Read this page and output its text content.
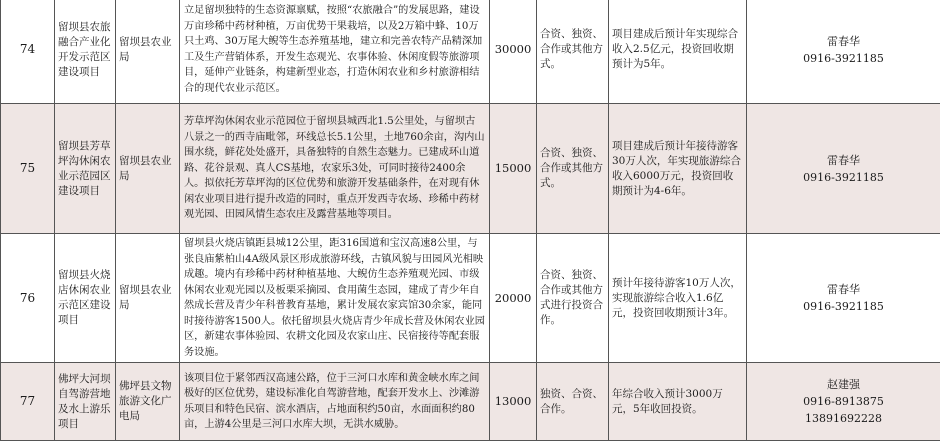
74	留坝县农旅融合产业化开发示范区建设项目	留坝县农业局	立足留坝独特的生态资源禀赋，按照“农旅融合”的发展思路，建设万亩珍稀中药材种植，万亩优势干果栽培，以及2万箱中蜂、10万只土鸡、30万尾大鲵等生态养殖基地，建立和完善农特产品精深加工及生产营销体系，开发生态观光、农事体验、休闲度假等旅游项目，延伸产业链条，构建新型业态，打造休闲农业和乡村旅游相结合的现代农业示范区。	30000	合资、独资、合作或其他方式。	项目建成后预计年实现综合收入2.5亿元，投资回收期预计为5年。	雷春华
0916-3921185

75	留坝县芳草坪沟休闲农业示范园区建设项目	留坝县农业局	芳草坪沟休闲农业示范园位于留坝县城西北1.5公里处，与留坝古八景之一的西寺庙毗邻，环线总长5.1公里，土地760余亩，沟内山围水绕，鲜花处处盛开，具备独特的自然生态魅力。已建成环山道路、花谷景观、真人CS基地，农家乐3处，可同时接待2400余人。拟依托芳草坪沟的区位优势和旅游开发基础条件，在对现有休闲农业项目进行提升改造的同时，重点开发西寺农场、珍稀中药材观光园、田园风情生态农庄及露营基地等项目。	15000	合资、独资、合作或其他方式。	项目建成后预计年接待游客30万人次，年实现旅游综合收入6000万元，投资回收期预计为4-6年。	雷春华
0916-3921185

76	留坝县火烧店休闲农业示范区建设项目	留坝县农业局	留坝县火烧店镇距县城12公里，距316国道和宝汉高速8公里，与张良庙紫柏山4A级风景区形成旅游环线，古镇风貌与田园风光相映成趣。境内有珍稀中药材种植基地、大鲵仿生态养殖观光园、市级休闲农业观光园以及板栗采摘园、食用菌生态园，建成了青少年自然成长营及青少年科普教育基地，累计发展农家宾馆30余家，能同时接待游客1500人。依托留坝县火烧店青少年成长营及休闲农业园区，新建农事体验园、农耕文化园及农家山庄、民宿接待等配套服务设施。	20000	合资、独资、合作或其他方式进行投资合作。	预计年接待游客10万人次，实现旅游综合收入1.6亿元，投资回收期预计3年。	雷春华
0916-3921185

77	佛坪大河坝自驾游营地及水上游乐项目	佛坪县文物旅游文化广电局	该项目位于紧邻西汉高速公路，位于三河口水库和黄金峡水库之间极好的区位优势，建设标准化自驾游营地，配套开发水上、沙滩游乐项目和特色民宿、滨水酒店，占地面积约50亩，水面面积约80亩，上游4公里是三河口水库大坝，无洪水威胁。	13000	独资、合资、合作。	年综合收入预计3000万元，5年收回投资。	赵建强
0916-8913875
13891692228
